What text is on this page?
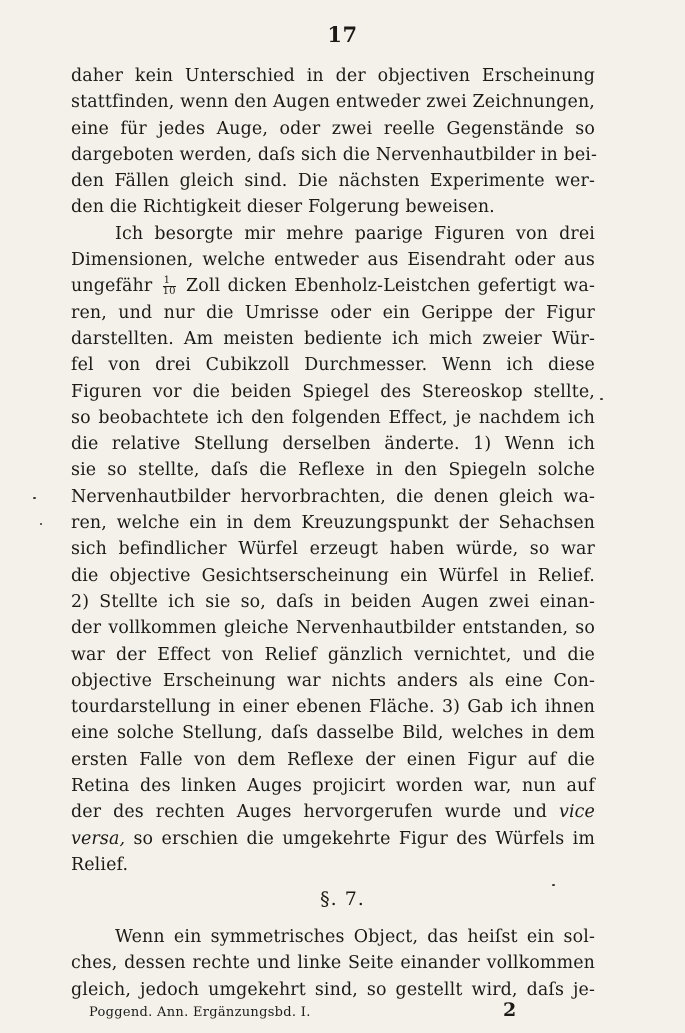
17
daher kein Unterschied in der objectiven Erscheinung
stattfinden, wenn den Augen entweder zwei Zeichnungen,
eine für jedes Auge, oder zwei reelle Gegenstände so
dargeboten werden, daſs sich die Nervenhautbilder in bei-
den Fällen gleich sind. Die nächsten Experimente wer-
den die Richtigkeit dieser Folgerung beweisen.
Ich besorgte mir mehre paarige Figuren von drei
Dimensionen, welche entweder aus Eisendraht oder aus
ungefähr $\frac{1}{10}$ Zoll dicken Ebenholz-Leistchen gefertigt wa-
ren, und nur die Umrisse oder ein Gerippe der Figur
darstellten. Am meisten bediente ich mich zweier Wür-
fel von drei Cubikzoll Durchmesser. Wenn ich diese
Figuren vor die beiden Spiegel des Stereoskop stellte,
so beobachtete ich den folgenden Effect, je nachdem ich
die relative Stellung derselben änderte. 1) Wenn ich
sie so stellte, daſs die Reflexe in den Spiegeln solche
Nervenhautbilder hervorbrachten, die denen gleich wa-
ren, welche ein in dem Kreuzungspunkt der Sehachsen
sich befindlicher Würfel erzeugt haben würde, so war
die objective Gesichtserscheinung ein Würfel in Relief.
2) Stellte ich sie so, daſs in beiden Augen zwei einan-
der vollkommen gleiche Nervenhautbilder entstanden, so
war der Effect von Relief gänzlich vernichtet, und die
objective Erscheinung war nichts anders als eine Con-
tourdarstellung in einer ebenen Fläche. 3) Gab ich ihnen
eine solche Stellung, daſs dasselbe Bild, welches in dem
ersten Falle von dem Reflexe der einen Figur auf die
Retina des linken Auges projicirt worden war, nun auf
der des rechten Auges hervorgerufen wurde und vice
versa, so erschien die umgekehrte Figur des Würfels im
Relief.
§. 7.
Wenn ein symmetrisches Object, das heiſst ein sol-
ches, dessen rechte und linke Seite einander vollkommen
gleich, jedoch umgekehrt sind, so gestellt wird, daſs je-
Poggend. Ann. Ergänzungsbd. I.	2
